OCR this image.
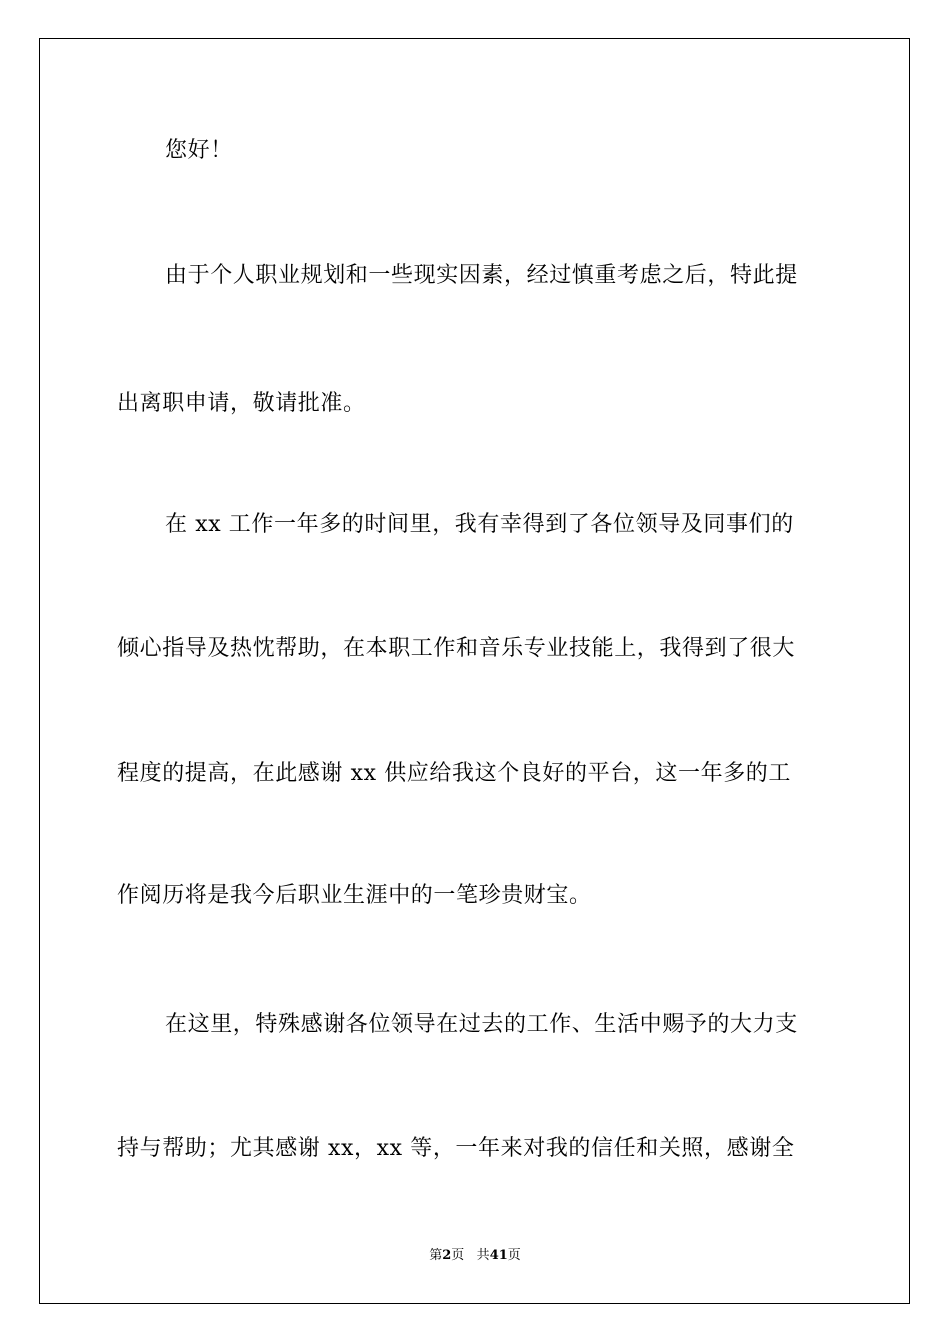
您好！
由于个人职业规划和一些现实因素，经过慎重考虑之后，特此提
出离职申请，敬请批准。
在 xx 工作一年多的时间里，我有幸得到了各位领导及同事们的
倾心指导及热忱帮助，在本职工作和音乐专业技能上，我得到了很大
程度的提高，在此感谢 xx 供应给我这个良好的平台，这一年多的工
作阅历将是我今后职业生涯中的一笔珍贵财宝。
在这里，特殊感谢各位领导在过去的工作、生活中赐予的大力支
持与帮助；尤其感谢 xx，xx 等，一年来对我的信任和关照，感谢全
第2页 共41页
